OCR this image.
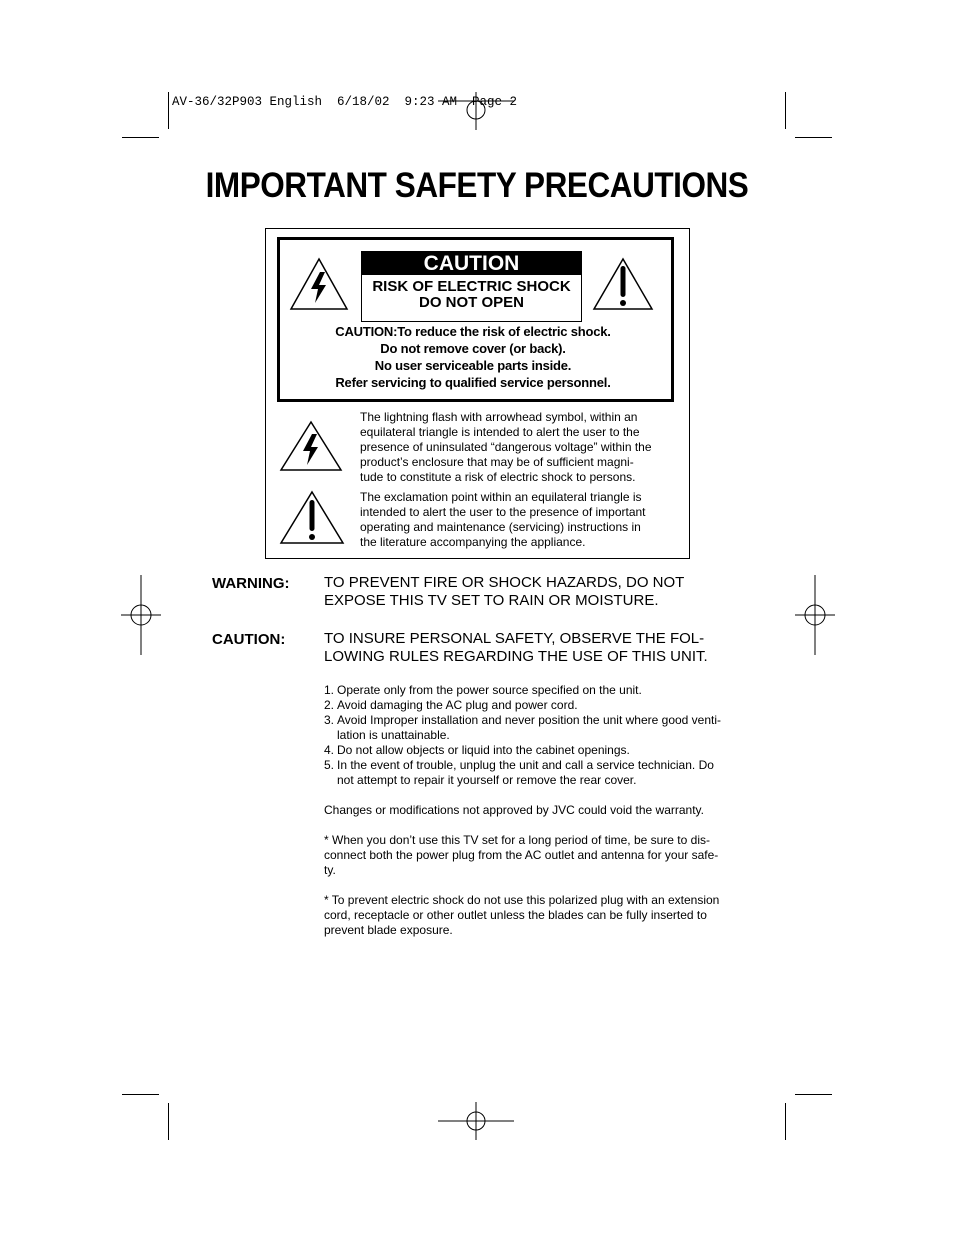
AV-36/32P903 English  6/18/02  9:23 AM  Page 2
IMPORTANT SAFETY PRECAUTIONS
CAUTION
RISK OF ELECTRIC SHOCK
DO NOT OPEN
CAUTION:To reduce the risk of electric shock.
Do not remove cover (or back).
No user serviceable parts inside.
Refer servicing to qualified service personnel.
The lightning flash with arrowhead symbol, within an
equilateral triangle is intended to alert the user to the
presence of uninsulated “dangerous voltage” within the
product’s enclosure that may be of sufficient magni-
tude to constitute a risk of electric shock to persons.
The exclamation point within an equilateral triangle is
intended to alert the user to the presence of important
operating and maintenance (servicing) instructions in
the literature accompanying the appliance.
WARNING: TO PREVENT FIRE OR SHOCK HAZARDS, DO NOT
EXPOSE THIS TV SET TO RAIN OR MOISTURE.
CAUTION:	TO INSURE PERSONAL SAFETY, OBSERVE THE FOL-
LOWING RULES REGARDING THE USE OF THIS UNIT.
1. Operate only from the power source specified on the unit.
2. Avoid damaging the AC plug and power cord.
3. Avoid Improper installation and never position the unit where good venti-
lation is unattainable.
4. Do not allow objects or liquid into the cabinet openings.
5. In the event of trouble, unplug the unit and call a service technician. Do
not attempt to repair it yourself or remove the rear cover.
Changes or modifications not approved by JVC could void the warranty.
* When you don’t use this TV set for a long period of time, be sure to dis-
connect both the power plug from the AC outlet and antenna for your safe-
ty.
* To prevent electric shock do not use this polarized plug with an extension
cord, receptacle or other outlet unless the blades can be fully inserted to
prevent blade exposure.
